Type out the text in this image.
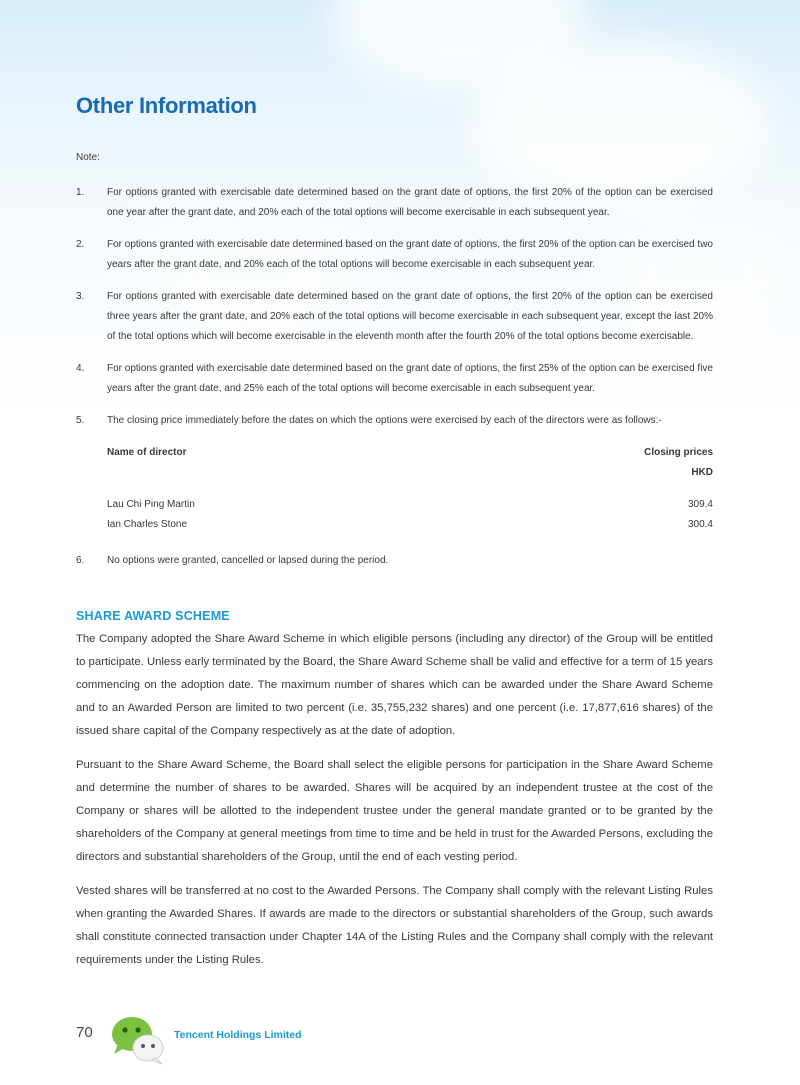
Other Information

Note:

1. For options granted with exercisable date determined based on the grant date of options, the first 20% of the option can be exercised one year after the grant date, and 20% each of the total options will become exercisable in each subsequent year.
2. For options granted with exercisable date determined based on the grant date of options, the first 20% of the option can be exercised two years after the grant date, and 20% each of the total options will become exercisable in each subsequent year.
3. For options granted with exercisable date determined based on the grant date of options, the first 20% of the option can be exercised three years after the grant date, and 20% each of the total options will become exercisable in each subsequent year, except the last 20% of the total options which will become exercisable in the eleventh month after the fourth 20% of the total options become exercisable.
4. For options granted with exercisable date determined based on the grant date of options, the first 25% of the option can be exercised five years after the grant date, and 25% each of the total options will become exercisable in each subsequent year.
5. The closing price immediately before the dates on which the options were exercised by each of the directors were as follows:-
Name of director	Closing prices
HKD
Lau Chi Ping Martin	309.4
Ian Charles Stone	300.4
6. No options were granted, cancelled or lapsed during the period.
SHARE AWARD SCHEME

The Company adopted the Share Award Scheme in which eligible persons (including any director) of the Group will be entitled to participate. Unless early terminated by the Board, the Share Award Scheme shall be valid and effective for a term of 15 years commencing on the adoption date. The maximum number of shares which can be awarded under the Share Award Scheme and to an Awarded Person are limited to two percent (i.e. 35,755,232 shares) and one percent (i.e. 17,877,616 shares) of the issued share capital of the Company respectively as at the date of adoption.

Pursuant to the Share Award Scheme, the Board shall select the eligible persons for participation in the Share Award Scheme and determine the number of shares to be awarded. Shares will be acquired by an independent trustee at the cost of the Company or shares will be allotted to the independent trustee under the general mandate granted or to be granted by the shareholders of the Company at general meetings from time to time and be held in trust for the Awarded Persons, excluding the directors and substantial shareholders of the Group, until the end of each vesting period.

Vested shares will be transferred at no cost to the Awarded Persons. The Company shall comply with the relevant Listing Rules when granting the Awarded Shares. If awards are made to the directors or substantial shareholders of the Group, such awards shall constitute connected transaction under Chapter 14A of the Listing Rules and the Company shall comply with the relevant requirements under the Listing Rules.

70	Tencent Holdings Limited
